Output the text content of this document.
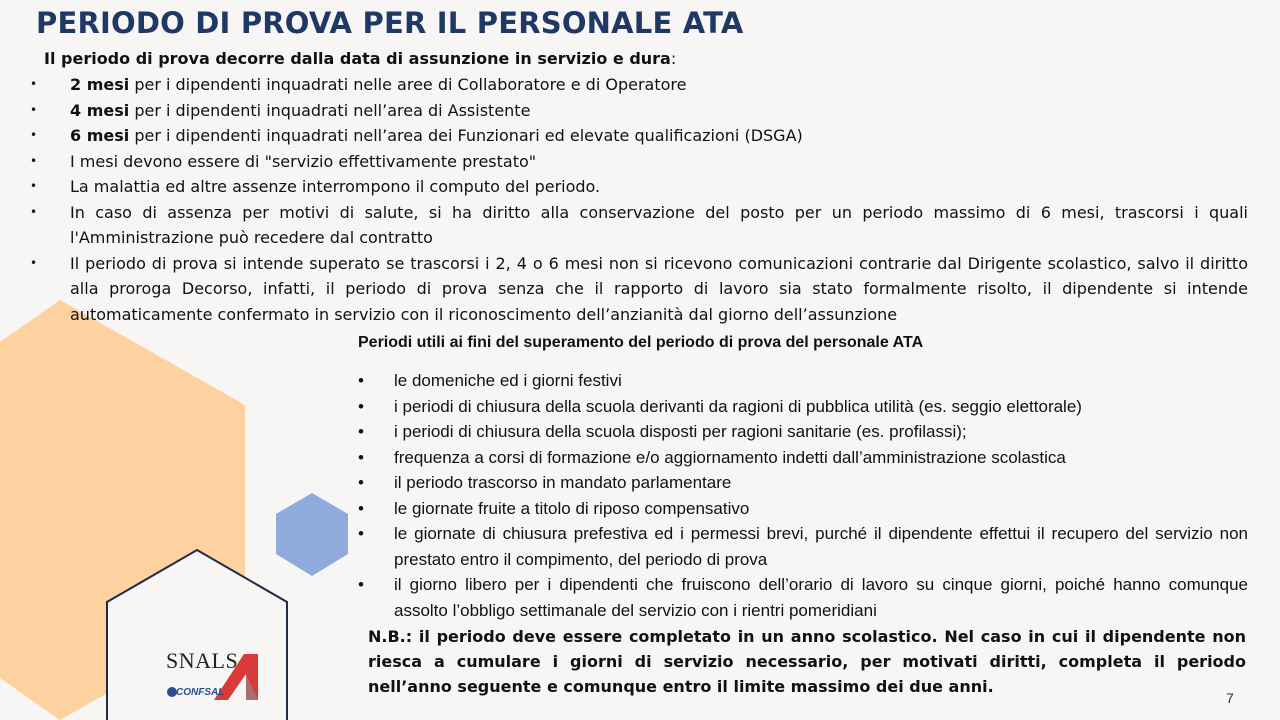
PERIODO DI PROVA PER IL PERSONALE ATA

Il periodo di prova decorre dalla data di assunzione in servizio e dura:

• 2 mesi per i dipendenti inquadrati nelle aree di Collaboratore e di Operatore
• 4 mesi per i dipendenti inquadrati nell’area di Assistente
• 6 mesi per i dipendenti inquadrati nell’area dei Funzionari ed elevate qualificazioni (DSGA)
• I mesi devono essere di "servizio effettivamente prestato"
• La malattia ed altre assenze interrompono il computo del periodo.
• In caso di assenza per motivi di salute, si ha diritto alla conservazione del posto per un periodo massimo di 6 mesi, trascorsi i quali l'Amministrazione può recedere dal contratto
• Il periodo di prova si intende superato se trascorsi i 2, 4 o 6 mesi non si ricevono comunicazioni contrarie dal Dirigente scolastico, salvo il diritto alla proroga Decorso, infatti, il periodo di prova senza che il rapporto di lavoro sia stato formalmente risolto, il dipendente si intende automaticamente confermato in servizio con il riconoscimento dell’anzianità dal giorno dell’assunzione

Periodi utili ai fini del superamento del periodo di prova del personale ATA

• le domeniche ed i giorni festivi
• i periodi di chiusura della scuola derivanti da ragioni di pubblica utilità (es. seggio elettorale)
• i periodi di chiusura della scuola disposti per ragioni sanitarie (es. profilassi);
• frequenza a corsi di formazione e/o aggiornamento indetti dall’amministrazione scolastica
• il periodo trascorso in mandato parlamentare
• le giornate fruite a titolo di riposo compensativo
• le giornate di chiusura prefestiva ed i permessi brevi, purché il dipendente effettui il recupero del servizio non prestato entro il compimento, del periodo di prova
• il giorno libero per i dipendenti che fruiscono dell’orario di lavoro su cinque giorni, poiché hanno comunque assolto l’obbligo settimanale del servizio con i rientri pomeridiani

N.B.: il periodo deve essere completato in un anno scolastico. Nel caso in cui il dipendente non riesca a cumulare i giorni di servizio necessario, per motivati diritti, completa il periodo nell’anno seguente e comunque entro il limite massimo dei due anni.

SNALS
CONFSAL	7
